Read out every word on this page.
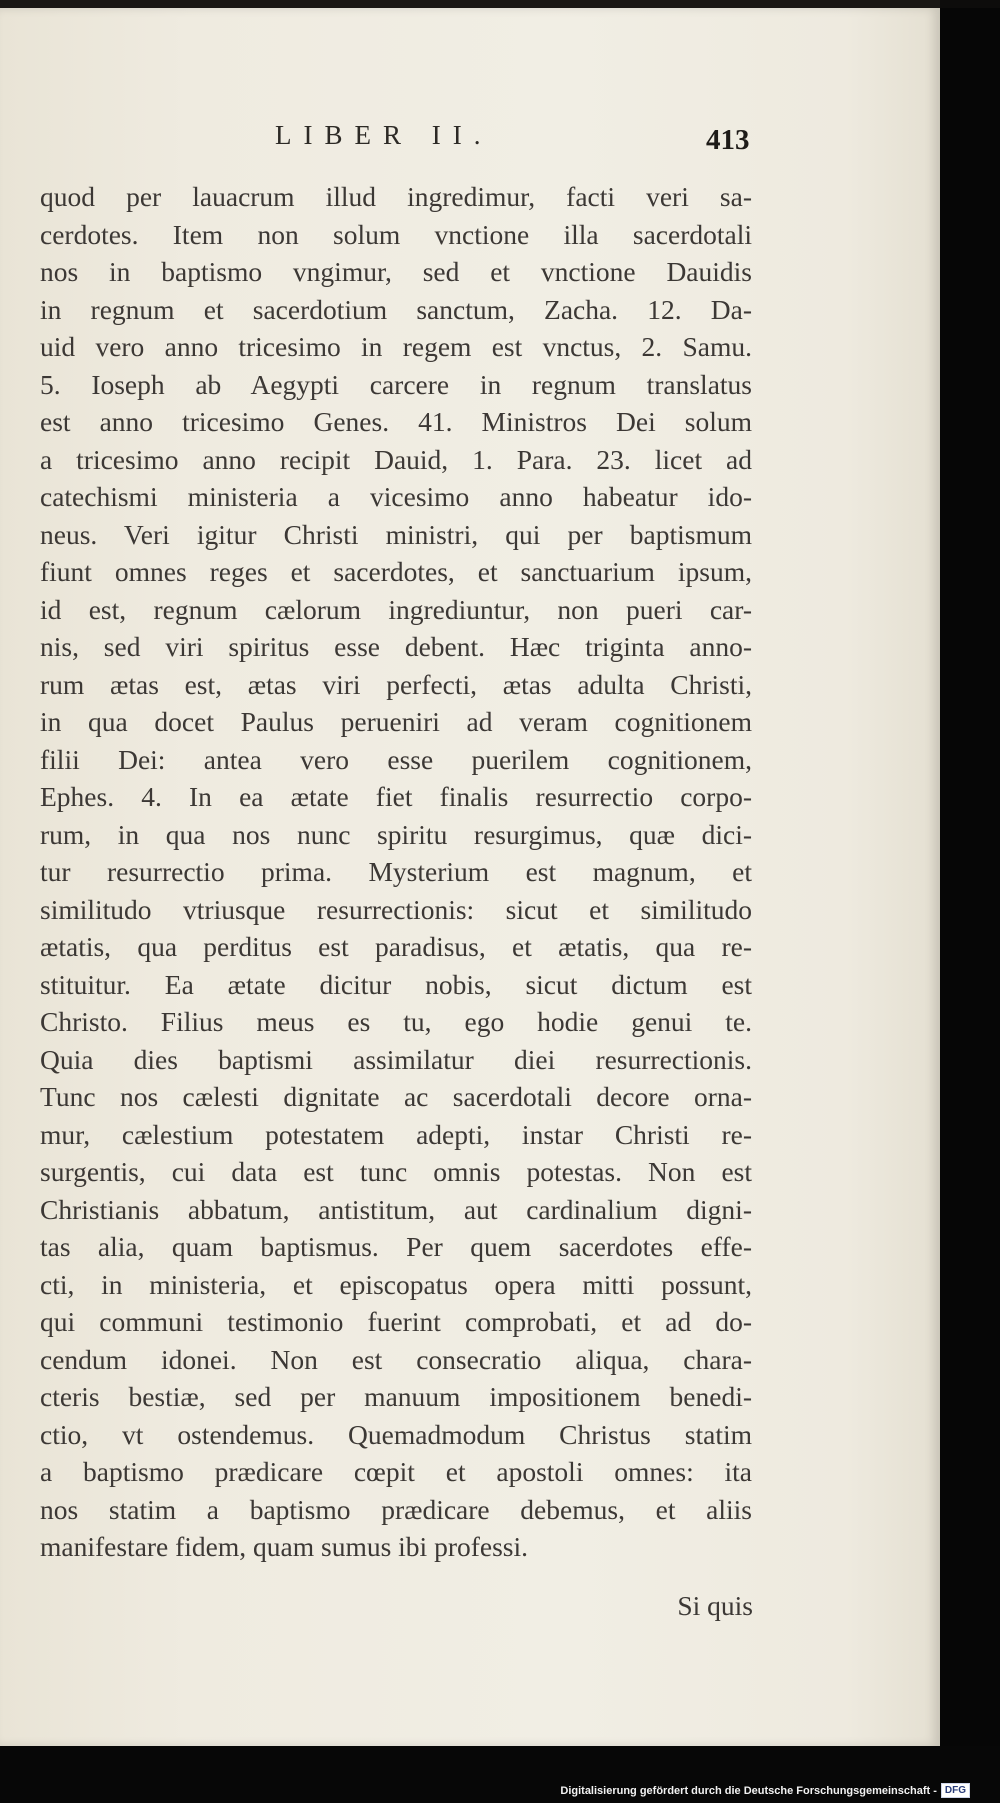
LIBER II.	413
quod per lauacrum illud ingredimur, facti veri sa-
cerdotes. Item non solum vnctione illa sacerdotali
nos in baptismo vngimur, sed et vnctione Dauidis
in regnum et sacerdotium sanctum, Zacha. 12. Da-
uid vero anno tricesimo in regem est vnctus, 2. Samu.
5. Ioseph ab Aegypti carcere in regnum translatus
est anno tricesimo Genes. 41. Ministros Dei solum
a tricesimo anno recipit Dauid, 1. Para. 23. licet ad
catechismi ministeria a vicesimo anno habeatur ido-
neus. Veri igitur Christi ministri, qui per baptismum
fiunt omnes reges et sacerdotes, et sanctuarium ipsum,
id est, regnum cælorum ingrediuntur, non pueri car-
nis, sed viri spiritus esse debent. Hæc triginta anno-
rum ætas est, ætas viri perfecti, ætas adulta Christi,
in qua docet Paulus perueniri ad veram cognitionem
filii Dei: antea vero esse puerilem cognitionem,
Ephes. 4. In ea ætate fiet finalis resurrectio corpo-
rum, in qua nos nunc spiritu resurgimus, quæ dici-
tur resurrectio prima. Mysterium est magnum, et
similitudo vtriusque resurrectionis: sicut et similitudo
ætatis, qua perditus est paradisus, et ætatis, qua re-
stituitur. Ea ætate dicitur nobis, sicut dictum est
Christo. Filius meus es tu, ego hodie genui te.
Quia dies baptismi assimilatur diei resurrectionis.
Tunc nos cælesti dignitate ac sacerdotali decore orna-
mur, cælestium potestatem adepti, instar Christi re-
surgentis, cui data est tunc omnis potestas. Non est
Christianis abbatum, antistitum, aut cardinalium digni-
tas alia, quam baptismus. Per quem sacerdotes effe-
cti, in ministeria, et episcopatus opera mitti possunt,
qui communi testimonio fuerint comprobati, et ad do-
cendum idonei. Non est consecratio aliqua, chara-
cteris bestiæ, sed per manuum impositionem benedi-
ctio, vt ostendemus. Quemadmodum Christus statim
a baptismo prædicare cœpit et apostoli omnes: ita
nos statim a baptismo prædicare debemus, et aliis
manifestare fidem, quam sumus ibi professi.
Si quis
Digitalisierung gefördert durch die Deutsche Forschungsgemeinschaft - DFG
